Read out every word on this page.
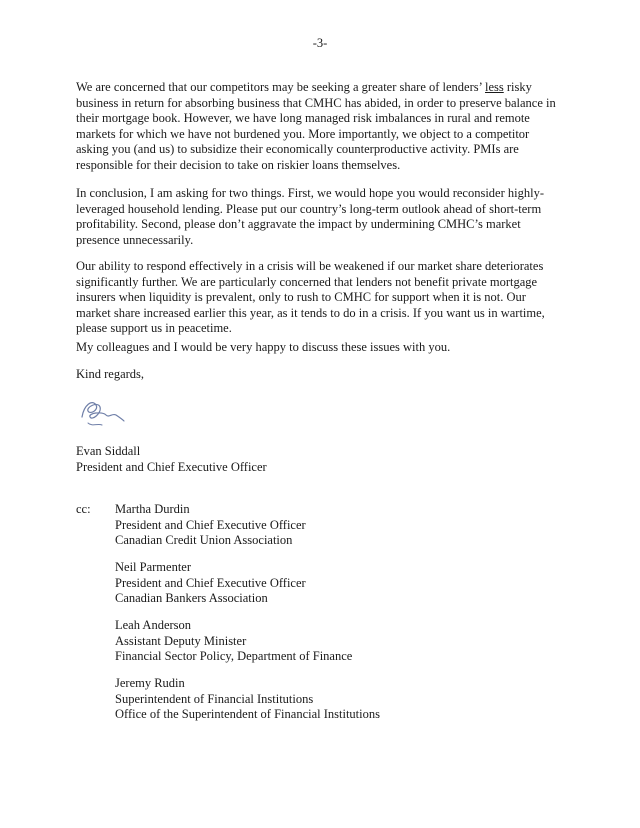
-3-

We are concerned that our competitors may be seeking a greater share of lenders’ less risky
business in return for absorbing business that CMHC has abided, in order to preserve balance in
their mortgage book. However, we have long managed risk imbalances in rural and remote
markets for which we have not burdened you. More importantly, we object to a competitor
asking you (and us) to subsidize their economically counterproductive activity. PMIs are
responsible for their decision to take on riskier loans themselves.

In conclusion, I am asking for two things. First, we would hope you would reconsider highly-
leveraged household lending. Please put our country’s long-term outlook ahead of short-term
profitability. Second, please don’t aggravate the impact by undermining CMHC’s market
presence unnecessarily.

Our ability to respond effectively in a crisis will be weakened if our market share deteriorates
significantly further. We are particularly concerned that lenders not benefit private mortgage
insurers when liquidity is prevalent, only to rush to CMHC for support when it is not. Our
market share increased earlier this year, as it tends to do in a crisis. If you want us in wartime,
please support us in peacetime.

My colleagues and I would be very happy to discuss these issues with you.

Kind regards,

Evan Siddall
President and Chief Executive Officer

cc: Martha Durdin
President and Chief Executive Officer
Canadian Credit Union Association
Neil Parmenter
President and Chief Executive Officer
Canadian Bankers Association
Leah Anderson
Assistant Deputy Minister
Financial Sector Policy, Department of Finance
Jeremy Rudin
Superintendent of Financial Institutions
Office of the Superintendent of Financial Institutions
